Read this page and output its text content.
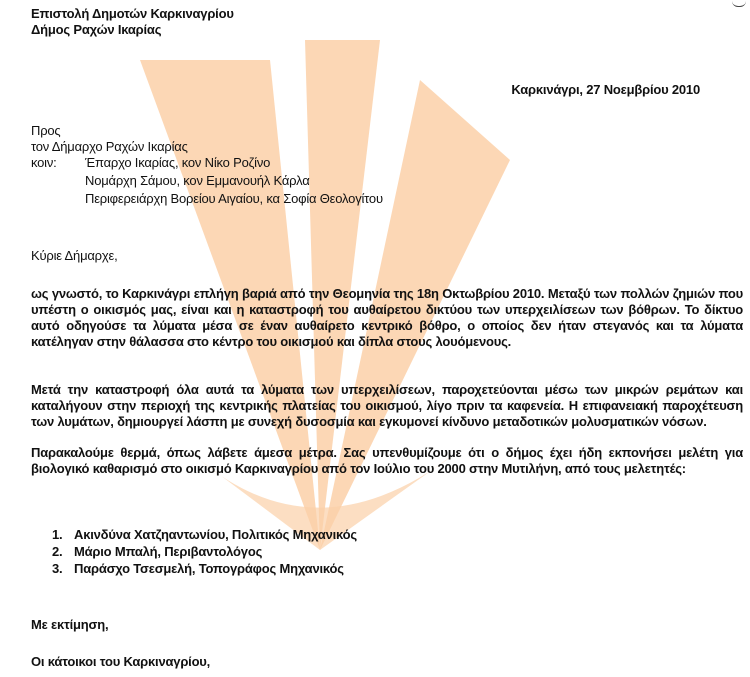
Επιστολή Δημοτών Καρκιναγρίου
Δήμος Ραχών Ικαρίας
Καρκινάγρι, 27 Νοεμβρίου 2010
Προς
τον Δήμαρχο Ραχών Ικαρίας
κοιν: Έπαρχο Ικαρίας, κον Νίκο Ροζίνο
Νομάρχη Σάμου, κον Εμμανουήλ Κάρλα
Περιφερειάρχη Βορείου Αιγαίου, κα Σοφία Θεολογίτου
Κύριε Δήμαρχε,
ως γνωστό, το Καρκινάγρι επλήγη βαριά από την Θεομηνία της 18η Οκτωβρίου 2010. Μεταξύ των πολλών ζημιών που υπέστη ο οικισμός μας, είναι και η καταστροφή του αυθαίρετου δικτύου των υπερχειλίσεων των βόθρων. Το δίκτυο αυτό οδηγούσε τα λύματα μέσα σε έναν αυθαίρετο κεντρικό βόθρο, ο οποίος δεν ήταν στεγανός και τα λύματα κατέληγαν στην θάλασσα στο κέντρο του οικισμού και δίπλα στους λουόμενους.
Μετά την καταστροφή όλα αυτά τα λύματα των υπερχειλίσεων, παροχετεύονται μέσω των μικρών ρεμάτων και καταλήγουν στην περιοχή της κεντρικής πλατείας του οικισμού, λίγο πριν τα καφενεία. Η επιφανειακή παροχέτευση των λυμάτων, δημιουργεί λάσπη με συνεχή δυσοσμία και εγκυμονεί κίνδυνο μεταδοτικών μολυσματικών νόσων.
Παρακαλούμε θερμά, όπως λάβετε άμεσα μέτρα. Σας υπενθυμίζουμε ότι ο δήμος έχει ήδη εκπονήσει μελέτη για βιολογικό καθαρισμό στο οικισμό Καρκιναγρίου από τον Ιούλιο του 2000 στην Μυτιλήνη, από τους μελετητές:
1. Ακινδύνα Χατζηαντωνίου, Πολιτικός Μηχανικός
2. Μάριο Μπαλή, Περιβαντολόγος
3. Παράσχο Τσεσμελή, Τοπογράφος Μηχανικός
Με εκτίμηση,
Οι κάτοικοι του Καρκιναγρίου,
